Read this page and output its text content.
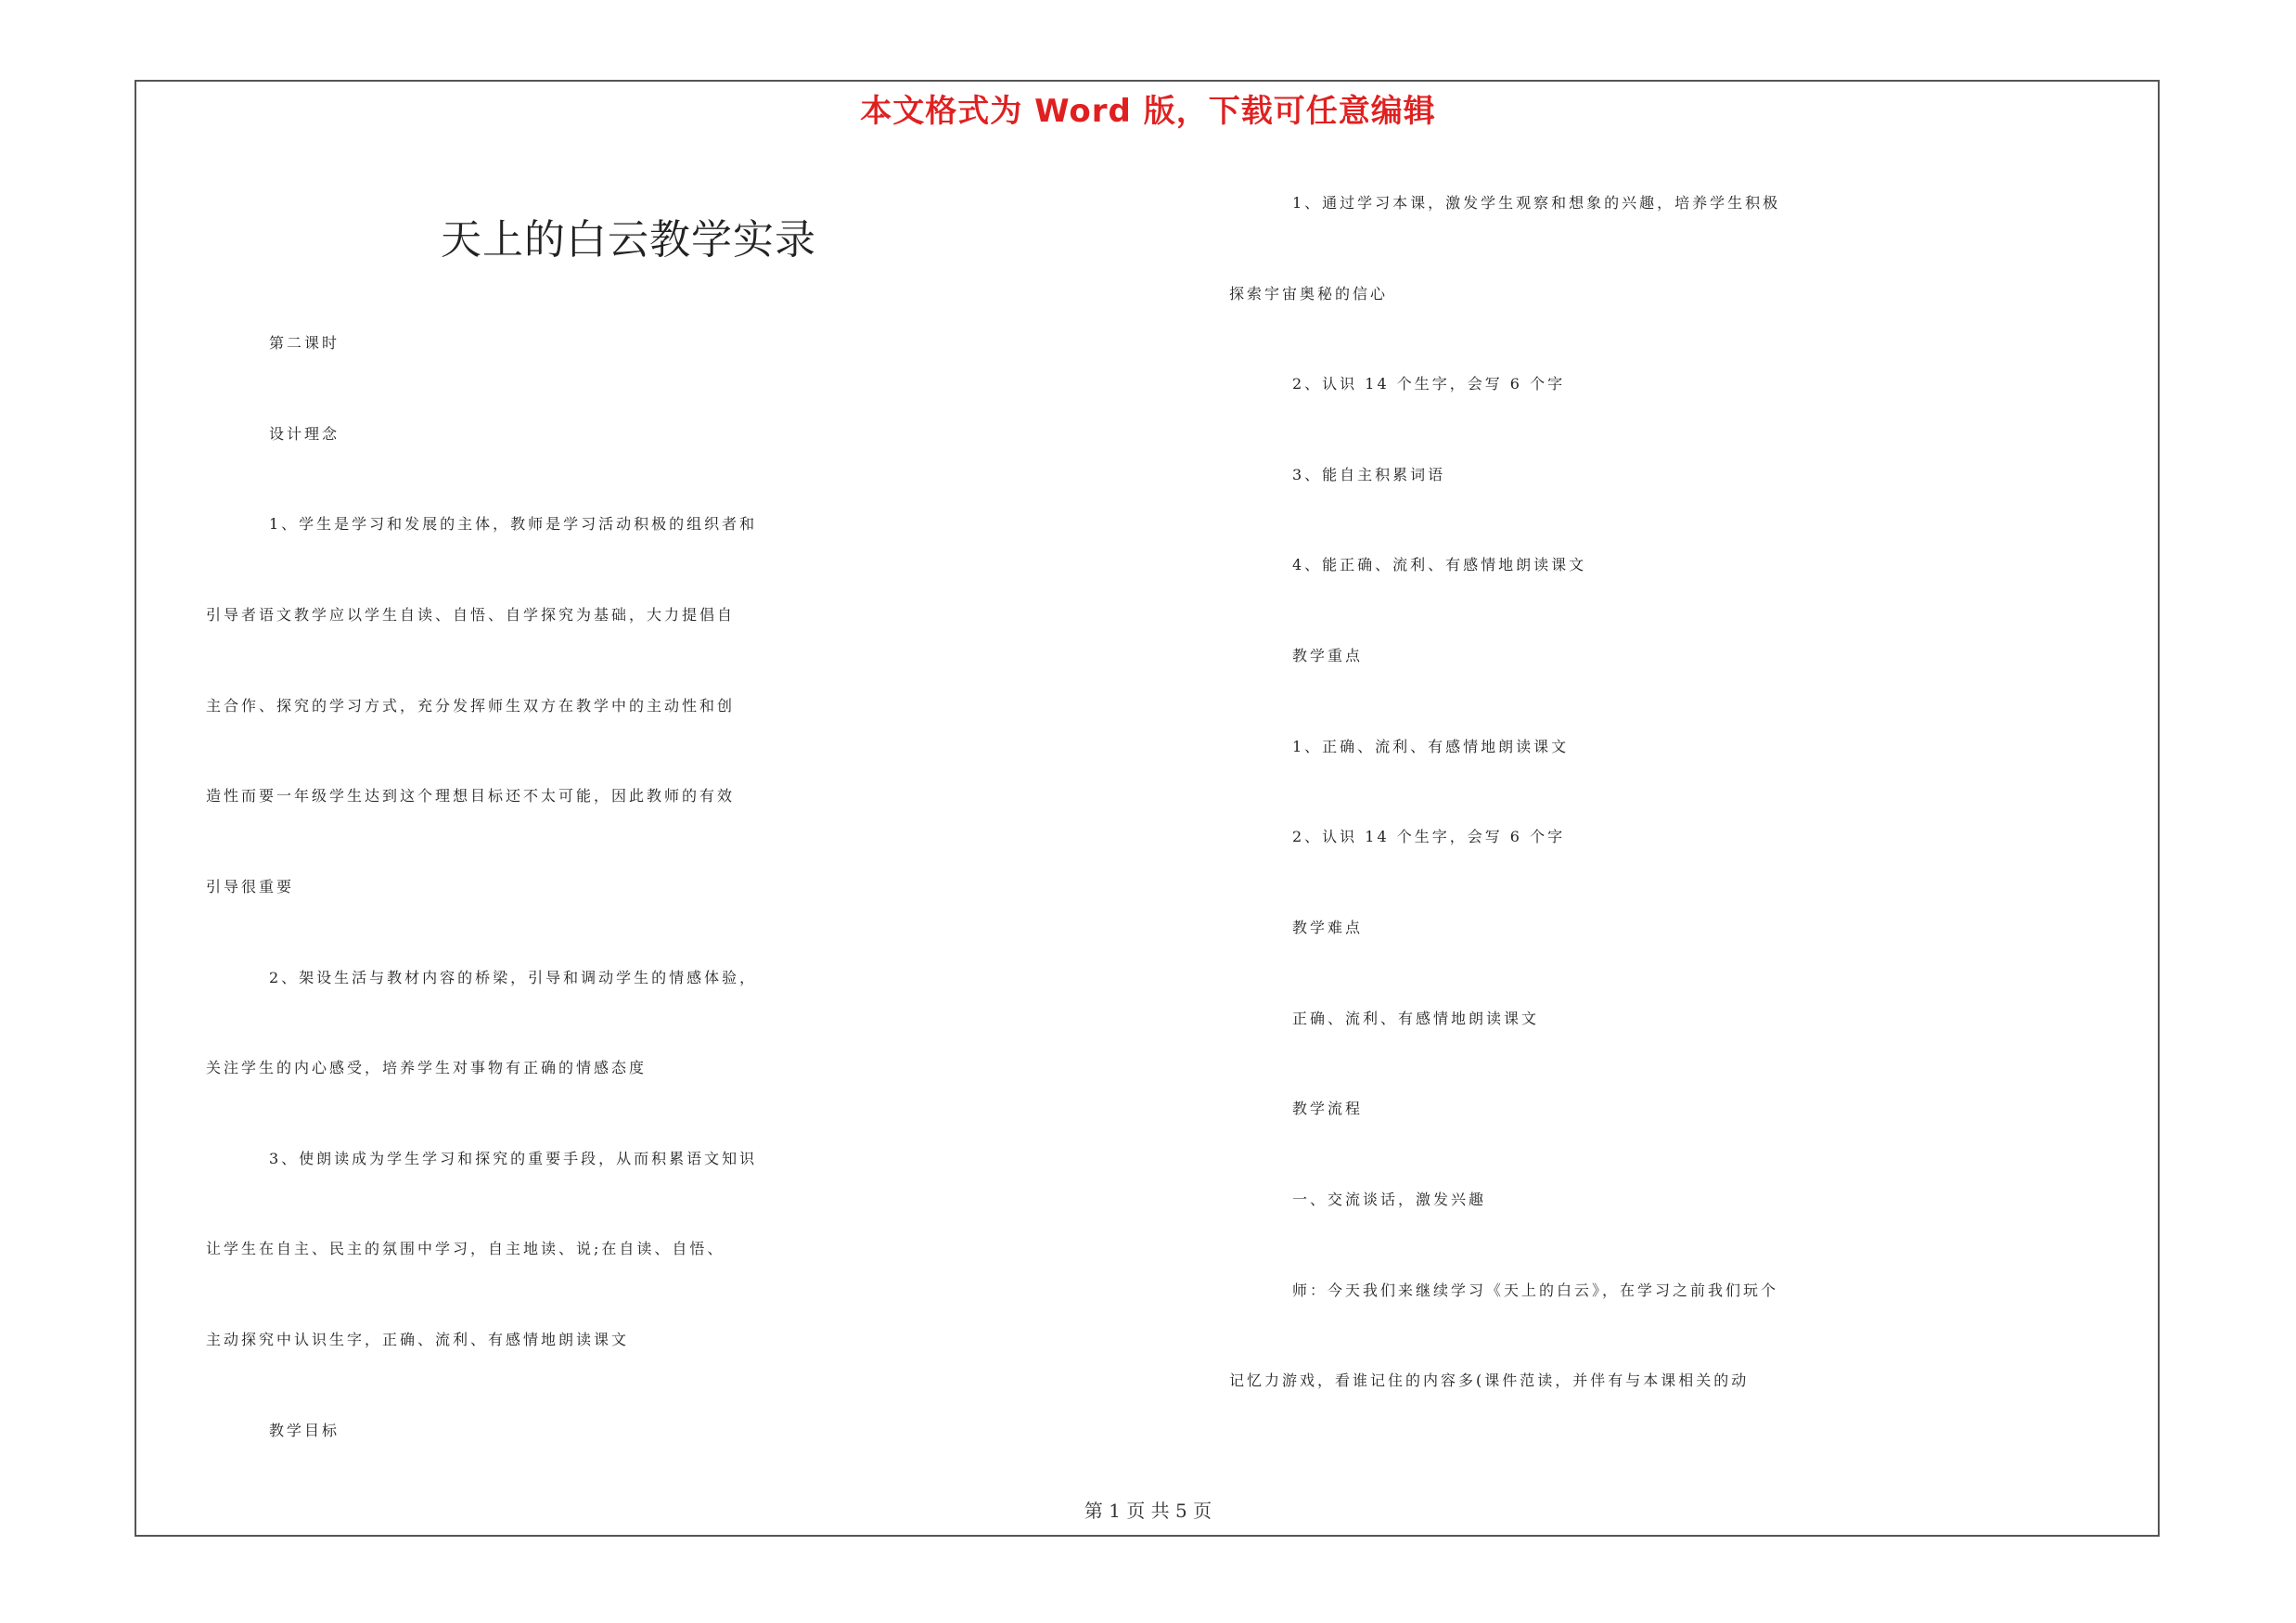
本文格式为 Word 版，下载可任意编辑
天上的白云教学实录
第二课时
设计理念
1、学生是学习和发展的主体，教师是学习活动积极的组织者和
引导者语文教学应以学生自读、自悟、自学探究为基础，大力提倡自
主合作、探究的学习方式，充分发挥师生双方在教学中的主动性和创
造性而要一年级学生达到这个理想目标还不太可能，因此教师的有效
引导很重要
2、架设生活与教材内容的桥梁，引导和调动学生的情感体验，
关注学生的内心感受，培养学生对事物有正确的情感态度
3、使朗读成为学生学习和探究的重要手段，从而积累语文知识
让学生在自主、民主的氛围中学习，自主地读、说;在自读、自悟、
主动探究中认识生字，正确、流利、有感情地朗读课文
教学目标
1、通过学习本课，激发学生观察和想象的兴趣，培养学生积极
探索宇宙奥秘的信心
2、认识 14 个生字，会写 6 个字
3、能自主积累词语
4、能正确、流利、有感情地朗读课文
教学重点
1、正确、流利、有感情地朗读课文
2、认识 14 个生字，会写 6 个字
教学难点
正确、流利、有感情地朗读课文
教学流程
一、交流谈话，激发兴趣
师：今天我们来继续学习《天上的白云》，在学习之前我们玩个
记忆力游戏，看谁记住的内容多(课件范读，并伴有与本课相关的动
第 1 页 共 5 页
